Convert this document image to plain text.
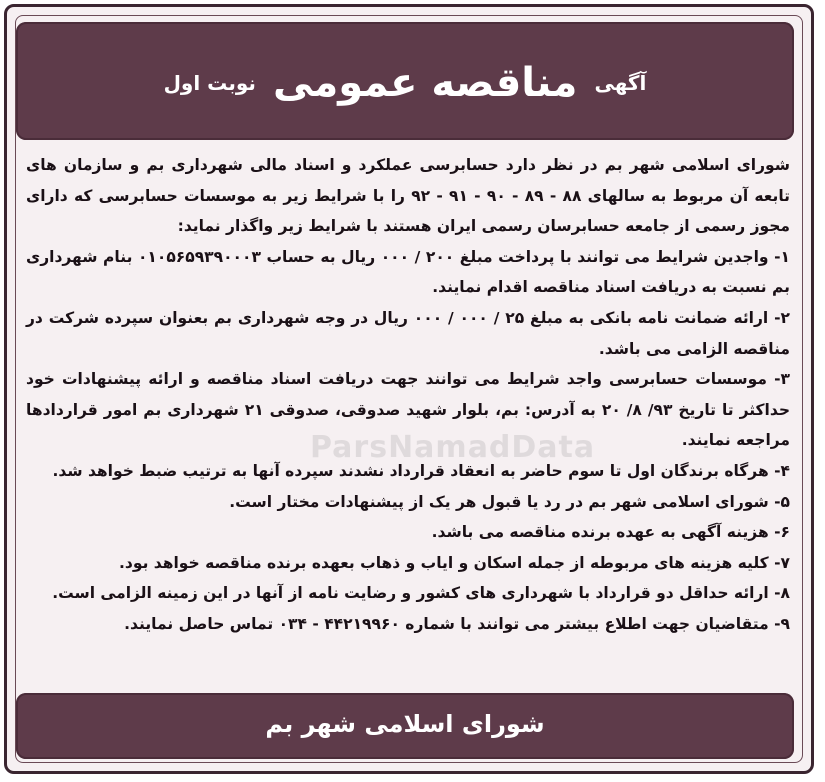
آگهی مناقصه عمومی نوبت اول

شورای اسلامی شهر بم در نظر دارد حسابرسی عملکرد و اسناد مالی شهرداری بم و سازمان های تابعه آن مربوط به سالهای ۸۸ - ۸۹ - ۹۰ - ۹۱ - ۹۲ را با شرایط زیر به موسسات حسابرسی که دارای مجوز رسمی از جامعه حسابرسان رسمی ایران هستند با شرایط زیر واگذار نماید:

۱- واجدین شرایط می توانند با پرداخت مبلغ ۲۰۰ / ۰۰۰ ریال به حساب ۰۱۰۵۶۵۹۳۹۰۰۰۳ بنام شهرداری بم نسبت به دریافت اسناد مناقصه اقدام نمایند.

۲- ارائه ضمانت نامه بانکی به مبلغ ۲۵ / ۰۰۰ / ۰۰۰ ریال در وجه شهرداری بم بعنوان سپرده شرکت در مناقصه الزامی می باشد.

۳- موسسات حسابرسی واجد شرایط می توانند جهت دریافت اسناد مناقصه و ارائه پیشنهادات خود حداکثر تا تاریخ ۹۳/ ۸/ ۲۰ به آدرس: بم، بلوار شهید صدوقی، صدوقی ۲۱ شهرداری بم امور قراردادها مراجعه نمایند.

۴- هرگاه برندگان اول تا سوم حاضر به انعقاد قرارداد نشدند سپرده آنها به ترتیب ضبط خواهد شد.

۵- شورای اسلامی شهر بم در رد یا قبول هر یک از پیشنهادات مختار است.

۶- هزینه آگهی به عهده برنده مناقصه می باشد.

۷- کلیه هزینه های مربوطه از جمله اسکان و ایاب و ذهاب بعهده برنده مناقصه خواهد بود.

۸- ارائه حداقل دو قرارداد با شهرداری های کشور و رضایت نامه از آنها در این زمینه الزامی است.

۹- متقاضیان جهت اطلاع بیشتر می توانند با شماره ۴۴۲۱۹۹۶۰ - ۰۳۴ تماس حاصل نمایند.

ParsNamadData
شورای اسلامی شهر بم
